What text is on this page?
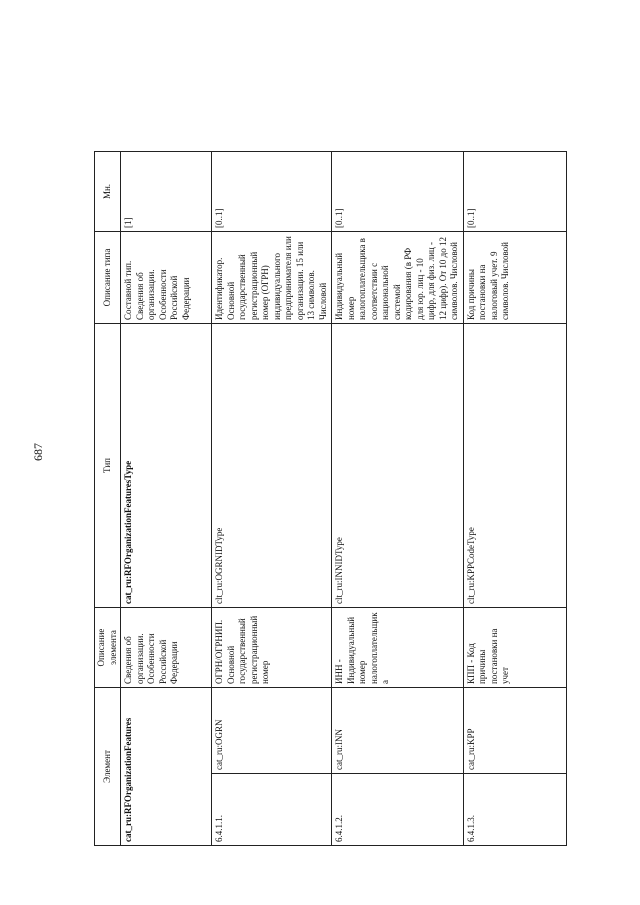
687
Элемент		Описание элемента	Тип	Описание типа	Мн.	
cat_ru:RFOrganizationFeatures		Сведения об организации. Особенности Российской Федерации	cat_ru:RFOrganizationFeaturesType	Составной тип. Сведения об организации. Особенности Российской Федерации	[1]	
6.4.1.1.	cat_ru:OGRN	ОГРН/ОГРНИП. Основной государственный регистрационный номер	clt_ru:OGRNIDType	Идентификатор. Основной государственный регистрационный номер (ОГРН) индивидуального предпринимателя или организации. 15 или 13 символов. Числовой	[0..1]	
6.4.1.2.	cat_ru:INN	ИНН - Индивидуальный номер налогоплательщика	clt_ru:INNIDType	Индивидуальный номер налогоплательщика в соответствии с национальной системой кодирования (в РФ для юр. лиц - 10 цифр, для физ. лиц - 12 цифр). От 10 до 12 символов. Числовой	[0..1]	
6.4.1.3.	cat_ru:KPP	КПП - Код причины постановки на учет	clt_ru:KPPCodeType	Код причины постановки на налоговый учет. 9 символов. Числовой	[0..1]	
